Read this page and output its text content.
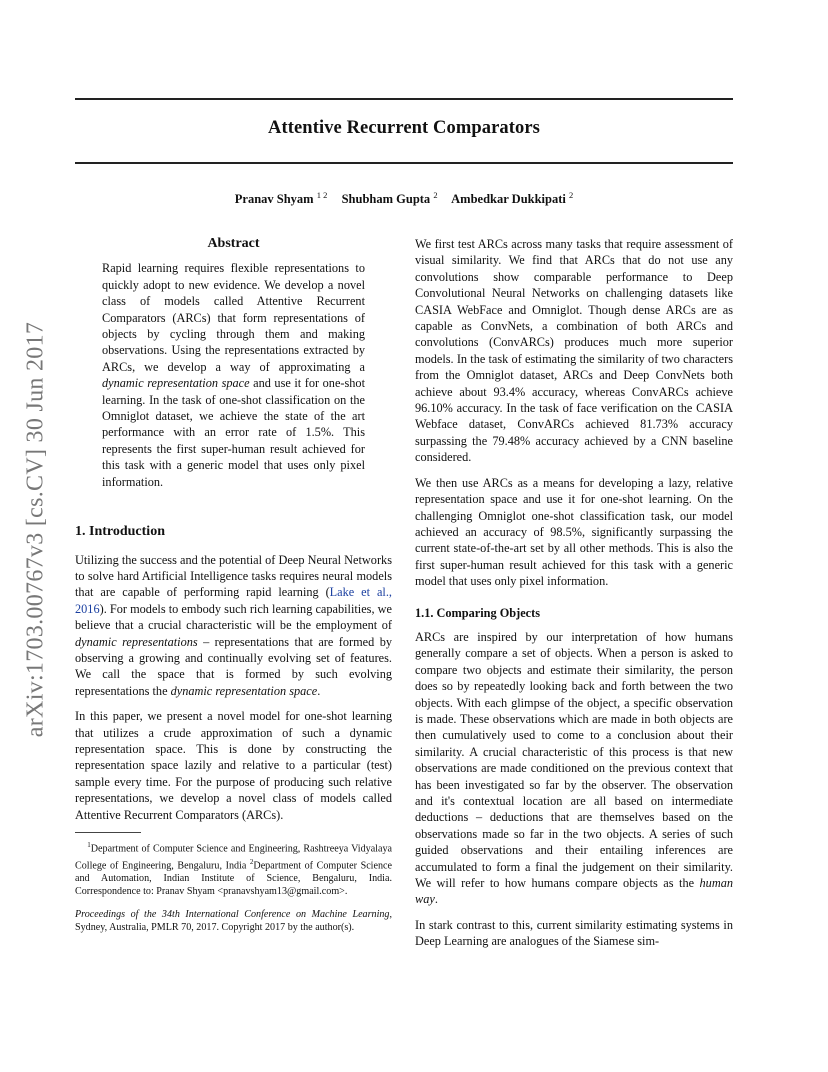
Attentive Recurrent Comparators
Pranav Shyam $^{1 2}$ Shubham Gupta $^2$ Ambedkar Dukkipati $^2$
arXiv:1703.00767v3 [cs.CV] 30 Jun 2017
Abstract
Rapid learning requires flexible representations to quickly adopt to new evidence. We develop a novel class of models called Attentive Recurrent Comparators (ARCs) that form representations of objects by cycling through them and making observations. Using the representations extracted by ARCs, we develop a way of approximating a dynamic representation space and use it for one-shot learning. In the task of one-shot classification on the Omniglot dataset, we achieve the state of the art performance with an error rate of 1.5%. This represents the first super-human result achieved for this task with a generic model that uses only pixel information.
1. Introduction

Utilizing the success and the potential of Deep Neural Networks to solve hard Artificial Intelligence tasks requires neural models that are capable of performing rapid learning (Lake et al., 2016). For models to embody such rich learning capabilities, we believe that a crucial characteristic will be the employment of dynamic representations – representations that are formed by observing a growing and continually evolving set of features. We call the space that is formed by such evolving representations the dynamic representation space.

In this paper, we present a novel model for one-shot learning that utilizes a crude approximation of such a dynamic representation space. This is done by constructing the representation space lazily and relative to a particular (test) sample every time. For the purpose of producing such relative representations, we develop a novel class of models called Attentive Recurrent Comparators (ARCs).

$^1$Department of Computer Science and Engineering, Rashtreeya Vidyalaya College of Engineering, Bengaluru, India $^2$Department of Computer Science and Automation, Indian Institute of Science, Bengaluru, India. Correspondence to: Pranav Shyam <pranavshyam13@gmail.com>.
Proceedings of the 34th International Conference on Machine Learning, Sydney, Australia, PMLR 70, 2017. Copyright 2017 by the author(s).

We first test ARCs across many tasks that require assessment of visual similarity. We find that ARCs that do not use any convolutions show comparable performance to Deep Convolutional Neural Networks on challenging datasets like CASIA WebFace and Omniglot. Though dense ARCs are as capable as ConvNets, a combination of both ARCs and convolutions (ConvARCs) produces much more superior models. In the task of estimating the similarity of two characters from the Omniglot dataset, ARCs and Deep ConvNets both achieve about 93.4% accuracy, whereas ConvARCs achieve 96.10% accuracy. In the task of face verification on the CASIA Webface dataset, ConvARCs achieved 81.73% accuracy surpassing the 79.48% accuracy achieved by a CNN baseline considered.

We then use ARCs as a means for developing a lazy, relative representation space and use it for one-shot learning. On the challenging Omniglot one-shot classification task, our model achieved an accuracy of 98.5%, significantly surpassing the current state-of-the-art set by all other methods. This is also the first super-human result achieved for this task with a generic model that uses only pixel information.

1.1. Comparing Objects

ARCs are inspired by our interpretation of how humans generally compare a set of objects. When a person is asked to compare two objects and estimate their similarity, the person does so by repeatedly looking back and forth between the two objects. With each glimpse of the object, a specific observation is made. These observations which are made in both objects are then cumulatively used to come to a conclusion about their similarity. A crucial characteristic of this process is that new observations are made conditioned on the previous context that has been investigated so far by the observer. The observation and it's contextual location are all based on intermediate deductions – deductions that are themselves based on the observations made so far in the two objects. A series of such guided observations and their entailing inferences are accumulated to form a final the judgement on their similarity. We will refer to how humans compare objects as the human way.

In stark contrast to this, current similarity estimating systems in Deep Learning are analogues of the Siamese sim-
